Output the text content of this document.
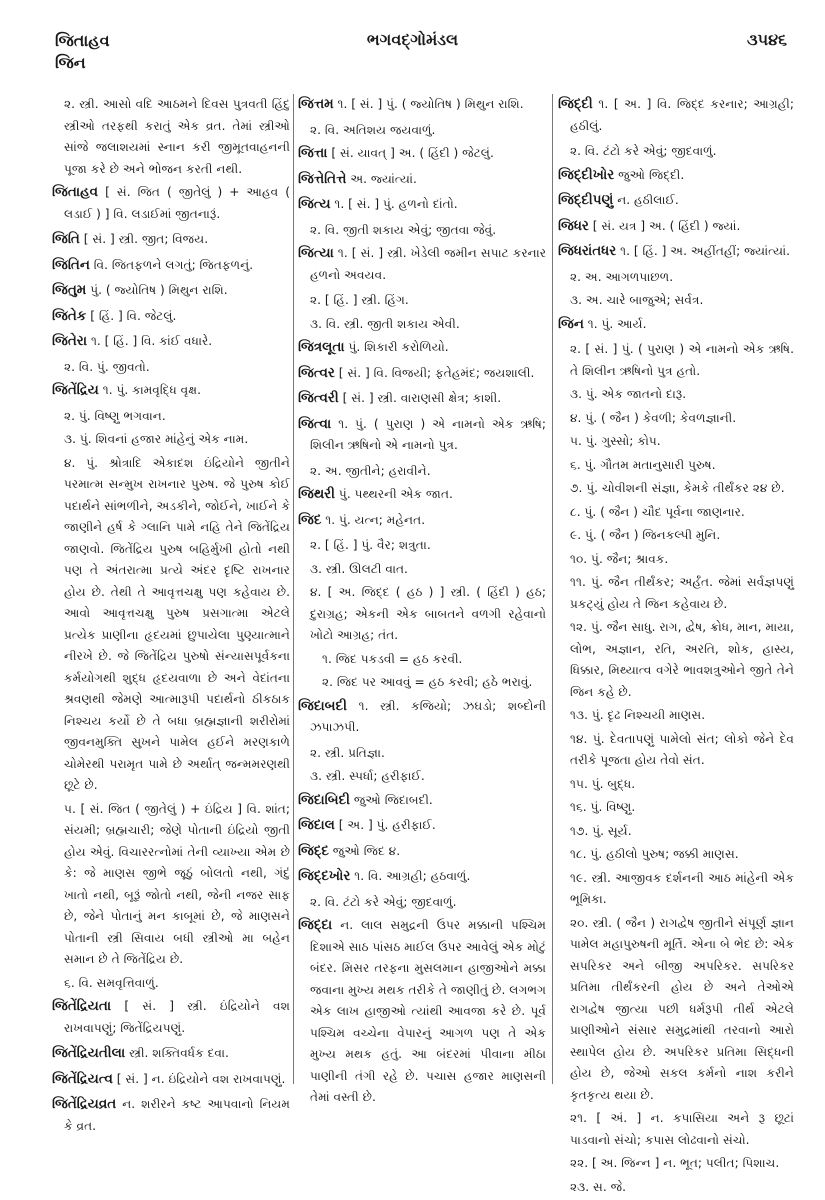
જિતાહવ
જિન
ભગવદ્ગોમંડલ	૩૫૪૬
૨. સ્ત્રી. આસો વદિ આઠમને દિવસ પુત્રવતી હિંદુ સ્ત્રીઓ તરફથી કરાતું એક વ્રત. તેમાં સ્ત્રીઓ સાંજે જલાશયમાં સ્નાન કરી જીમૂતવાહનની પૂજા કરે છે અને ભોજન કરતી નથી.
જિતાહવ [ સં. જિત ( જીતેલું ) + આહવ ( લડાઈ ) ] વિ. લડાઈમાં જીતનારૂં.
જિતિ [ સં. ] સ્ત્રી. જીત; વિજય.
જિતિન વિ. જિતફળને લગતું; જિતફળનું.
જિતુમ પું. ( જ્યોતિષ ) મિથુન રાશિ.
જિતેક [ હિં. ] વિ. જેટલું.
જિતેરા ૧. [ હિં. ] વિ. કાંઈ વધારે.
૨. વિ. પું. જીવતો.
જિતેંદ્રિય ૧. પું. કામવૃદ્ધિ વૃક્ષ.
૨. પું. વિષ્ણુ ભગવાન.
૩. પું. શિવનાં હજાર માંહેનું એક નામ.
૪. પું. શ્રોત્રાદિ એકાદશ ઇંદ્રિયોને જીતીને પરમાત્મ સન્મુખ રાખનાર પુરુષ. જે પુરુષ કોઈ પદાર્થને સાંભળીને, અડકીને, જોઈને, ખાઈને કે જાણીને હર્ષ કે ગ્લાનિ પામે નહિ તેને જિતેંદ્રિય જાણવો. જિતેંદ્રિય પુરુષ બહિર્મુખી હોતો નથી પણ તે અંતરાત્મા પ્રત્યે અંદર દૃષ્ટિ રાખનાર હોય છે. તેથી તે આવૃત્તચક્ષુ પણ કહેવાય છે. આવો આવૃત્તચક્ષુ પુરુષ પ્રસગાત્મા એટલે પ્રત્યેક પ્રાણીના હૃદયમાં છુપાયેલા પુણ્યાત્માને નીરખે છે. જે જિતેંદ્રિય પુરુષો સંન્યાસપૂર્વકના કર્મયોગથી શુદ્ધ હૃદયવાળા છે અને વેદાંતના શ્રવણથી જેમણે આત્મારૂપી પદાર્થનો ઠીકઠાક નિશ્ચય કર્યો છે તે બધા બ્રહ્મજ્ઞાની શરીરોમાં જીવનમુક્તિ સુખને પામેલ હઈને મરણકાળે ચોમેરથી પરામૃત પામે છે અર્થાત્ જન્મમરણથી છૂટે છે.
૫. [ સં. જિત ( જીતેલું ) + ઇંદ્રિય ] વિ. શાંત; સંયમી; બ્રહ્મચારી; જેણે પોતાની ઇંદ્રિયો જીતી હોય એવું. વિચારરત્નોમાં તેની વ્યાખ્યા એમ છે કે: જે માણસ જીભે જૂઠું બોલતો નથી, ગંદું ખાતો નથી, બૂરૂં જોતો નથી, જેની નજર સાફ છે, જેને પોતાનું મન કાબૂમાં છે, જે માણસને પોતાની સ્ત્રી સિવાય બધી સ્ત્રીઓ મા બહેન સમાન છે તે જિતેંદ્રિય છે.
૬. વિ. સમવૃત્તિવાળું.
જિતેંદ્રિયતા [ સં. ] સ્ત્રી. ઇંદ્રિયોને વશ રાખવાપણું; જિતેંદ્રિયપણું.
જિતેંદ્રિયતીલા સ્ત્રી. શક્તિવર્ધક દવા.
જિતેંદ્રિયત્વ [ સં. ] ન. ઇંદ્રિયોને વશ રાખવાપણું.
જિતેંદ્રિયવ્રત ન. શરીરને કષ્ટ આપવાનો નિયમ કે વ્રત.
જિત્તમ ૧. [ સં. ] પું. ( જ્યોતિષ ) મિથુન રાશિ.
૨. વિ. અતિશય જયવાળું.
જિત્તા [ સં. યાવત્ ] અ. ( હિંદી ) જેટલું.
જિત્તેતિત્તે અ. જ્યાંત્યાં.
જિત્ય ૧. [ સં. ] પું. હળનો દાંતો.
૨. વિ. જીતી શકાય એવું; જીતવા જેવું.
જિત્યા ૧. [ સં. ] સ્ત્રી. ખેડેલી જમીન સપાટ કરનાર હળનો અવયવ.
૨. [ હિં. ] સ્ત્રી. હિંગ.
૩. વિ. સ્ત્રી. જીતી શકાય એવી.
જિત્રલૂતા પું. શિકારી કરોળિયો.
જિત્વર [ સં. ] વિ. વિજયી; ફતેહમંદ; જયશાલી.
જિત્વરી [ સં. ] સ્ત્રી. વારાણસી ક્ષેત્ર; કાશી.
જિત્વા ૧. પું. ( પુરાણ ) એ નામનો એક ઋષિ; શિલીન ઋષિનો એ નામનો પુત્ર.
૨. અ. જીતીને; હરાવીને.
જિથરી પું. પથ્થરની એક જાત.
જિદ ૧. પું. યત્ન; મહેનત.
૨. [ હિં. ] પું. વૈર; શત્રુતા.
૩. સ્ત્રી. ઊલટી વાત.
૪. [ અ. જિદ્દ ( હઠ ) ] સ્ત્રી. ( હિંદી ) હઠ; દુરાગ્રહ; એકની એક બાબતને વળગી રહેવાનો ખોટો આગ્રહ; તંત.
૧. જિદ પકડવી = હઠ કરવી.
૨. જિદ પર આવવું = હઠ કરવી; હઠે ભરાવું.
જિદાબદી ૧. સ્ત્રી. કજિયો; ઝઘડો; શબ્દોની ઝપાઝપી.
૨. સ્ત્રી. પ્રતિજ્ઞા.
૩. સ્ત્રી. સ્પર્ધા; હરીફાઈ.
જિદાબિદી જુઓ જિદાબદી.
જિદાલ [ અ. ] પું. હરીફાઈ.
જિદ્દ જુઓ જિદ ૪.
જિદ્દખોર ૧. વિ. આગ્રહી; હઠવાળું.
૨. વિ. ટંટો કરે એવું; જીદવાળું.
જિદ્દા ન. લાલ સમુદ્રની ઉપર મક્કાની પશ્ચિમ દિશાએ સાઠ પાંસઠ માઈલ ઉપર આવેલું એક મોટું બંદર. મિસર તરફના મુસલમાન હાજીઓને મક્કા જવાના મુખ્ય મથક તરીકે તે જાણીતું છે. લગભગ એક લાખ હાજીઓ ત્યાંથી આવજા કરે છે. પૂર્વ પશ્ચિમ વચ્ચેના વેપારનું આગળ પણ તે એક મુખ્ય મથક હતું. આ બંદરમાં પીવાના મીઠા પાણીની તંગી રહે છે. પચાસ હજાર માણસની તેમાં વસ્તી છે.
જિદ્દી ૧. [ અ. ] વિ. જિદ્દ કરનાર; આગ્રહી; હઠીલું.
૨. વિ. ટંટો કરે એવું; જીદવાળું.
જિદ્દીખોર જુઓ જિદ્દી.
જિદ્દીપણું ન. હઠીલાઈ.
જિધર [ સં. યત્ર ] અ. ( હિંદી ) જ્યાં.
જિધરાંતધર ૧. [ હિં. ] અ. અહીંતહીં; જ્યાંત્યાં.
૨. અ. આગળપાછળ.
૩. અ. ચારે બાજુએ; સર્વત્ર.
જિન ૧. પું. આર્ય.
૨. [ સં. ] પું. ( પુરાણ ) એ નામનો એક ઋષિ. તે શિલીન ઋષિનો પુત્ર હતો.
૩. પું. એક જાતનો દારૂ.
૪. પું. ( જૈન ) કેવળી; કેવળજ્ઞાની.
૫. પું. ગુસ્સો; કોપ.
૬. પું. ગૌતમ મતાનુસારી પુરુષ.
૭. પું. ચોવીશની સંજ્ઞા, કેમકે તીર્થંકર ૨૪ છે.
૮. પું. ( જૈન ) ચૌદ પૂર્વના જાણનાર.
૯. પું. ( જૈન ) જિનકલ્પી મુનિ.
૧૦. પું. જૈન; શ્રાવક.
૧૧. પું. જૈન તીર્થંકર; અર્હંત. જેમાં સર્વજ્ઞપણું પ્રકટ્યું હોય તે જિન કહેવાય છે.
૧૨. પું. જૈન સાધુ. રાગ, દ્વેષ, ક્રોધ, માન, માયા, લોભ, અજ્ઞાન, રતિ, અરતિ, શોક, હાસ્ય, ધિક્કાર, મિથ્યાત્વ વગેરે ભાવશત્રુઓને જીતે તેને જિન કહે છે.
૧૩. પું. દૃઢ નિશ્ચયી માણસ.
૧૪. પું. દેવતાપણું પામેલો સંત; લોકો જેને દેવ તરીકે પૂજતા હોય તેવો સંત.
૧૫. પું. બુદ્ધ.
૧૬. પું. વિષ્ણુ.
૧૭. પું. સૂર્ય.
૧૮. પું. હઠીલો પુરુષ; જક્કી માણસ.
૧૯. સ્ત્રી. આજીવક દર્શનની આઠ માંહેની એક ભૂમિકા.
૨૦. સ્ત્રી. ( જૈન ) રાગદ્વેષ જીતીને સંપૂર્ણ જ્ઞાન પામેલ મહાપુરુષની મૂર્તિ. એના બે ભેદ છે: એક સપરિકર અને બીજી અપરિકર. સપરિકર પ્રતિમા તીર્થંકરની હોય છે અને તેઓએ રાગદ્વેષ જીત્યા પછી ધર્મરૂપી તીર્થ એટલે પ્રાણીઓને સંસાર સમુદ્રમાંથી તરવાનો આરો સ્થાપેલ હોય છે. અપરિકર પ્રતિમા સિદ્ધની હોય છે, જેઓ સકલ કર્મનો નાશ કરીને કૃતકૃત્ય થયા છે.
૨૧. [ અં. ] ન. કપાસિયા અને રૂ છૂટાં પાડવાનો સંચો; કપાસ લોઢવાનો સંચો.
૨૨. [ અ. જિન્ન ] ન. ભૂત; પલીત; પિશાચ.
૨૩. સ. જે.
